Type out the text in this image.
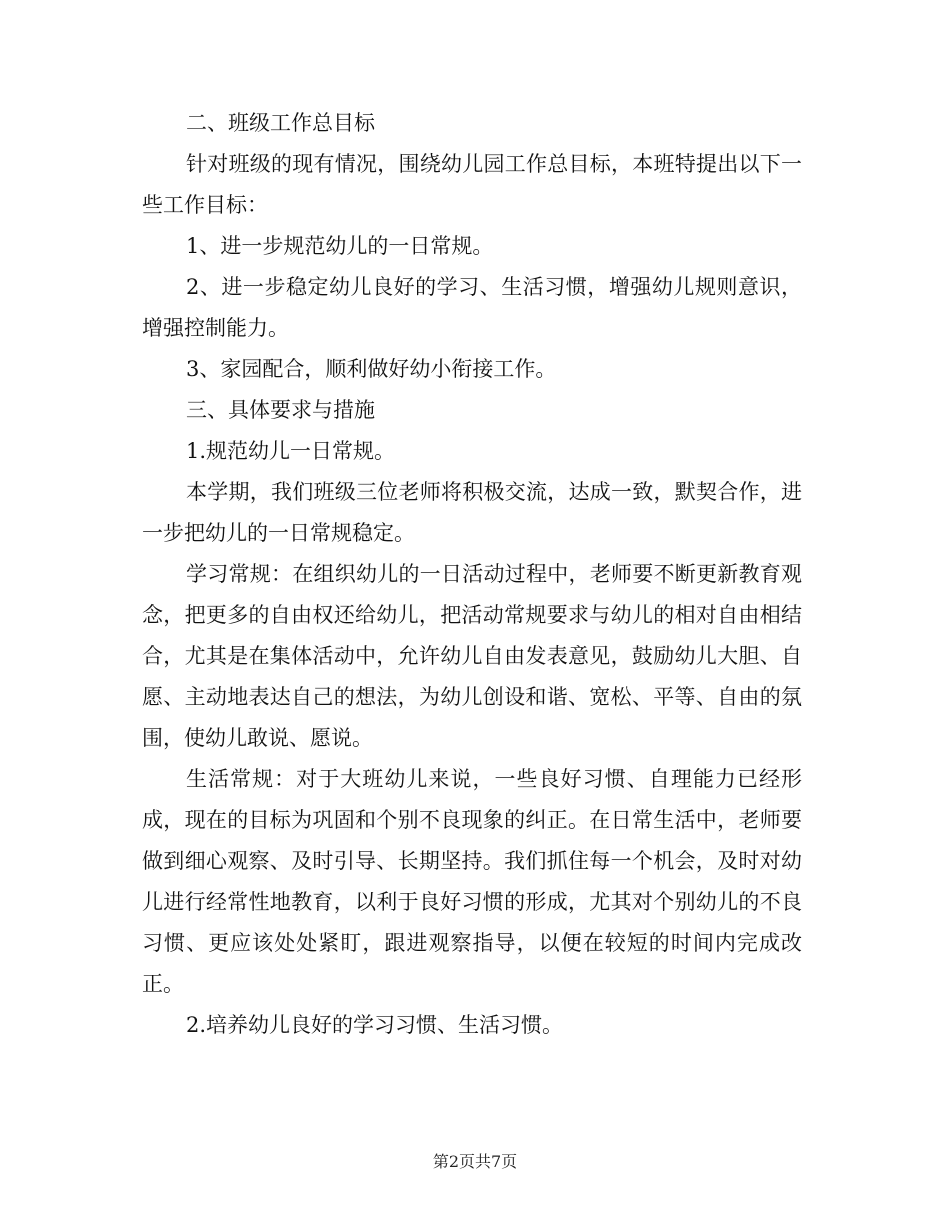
二、班级工作总目标

针对班级的现有情况，围绕幼儿园工作总目标，本班特提出以下一些工作目标：

1、进一步规范幼儿的一日常规。

2、进一步稳定幼儿良好的学习、生活习惯，增强幼儿规则意识，增强控制能力。

3、家园配合，顺利做好幼小衔接工作。

三、具体要求与措施

1.规范幼儿一日常规。

本学期，我们班级三位老师将积极交流，达成一致，默契合作，进一步把幼儿的一日常规稳定。

学习常规：在组织幼儿的一日活动过程中，老师要不断更新教育观念，把更多的自由权还给幼儿，把活动常规要求与幼儿的相对自由相结合，尤其是在集体活动中，允许幼儿自由发表意见，鼓励幼儿大胆、自愿、主动地表达自己的想法，为幼儿创设和谐、宽松、平等、自由的氛围，使幼儿敢说、愿说。

生活常规：对于大班幼儿来说，一些良好习惯、自理能力已经形成，现在的目标为巩固和个别不良现象的纠正。在日常生活中，老师要做到细心观察、及时引导、长期坚持。我们抓住每一个机会，及时对幼儿进行经常性地教育，以利于良好习惯的形成，尤其对个别幼儿的不良习惯、更应该处处紧盯，跟进观察指导，以便在较短的时间内完成改正。

2.培养幼儿良好的学习习惯、生活习惯。

第2页共7页
